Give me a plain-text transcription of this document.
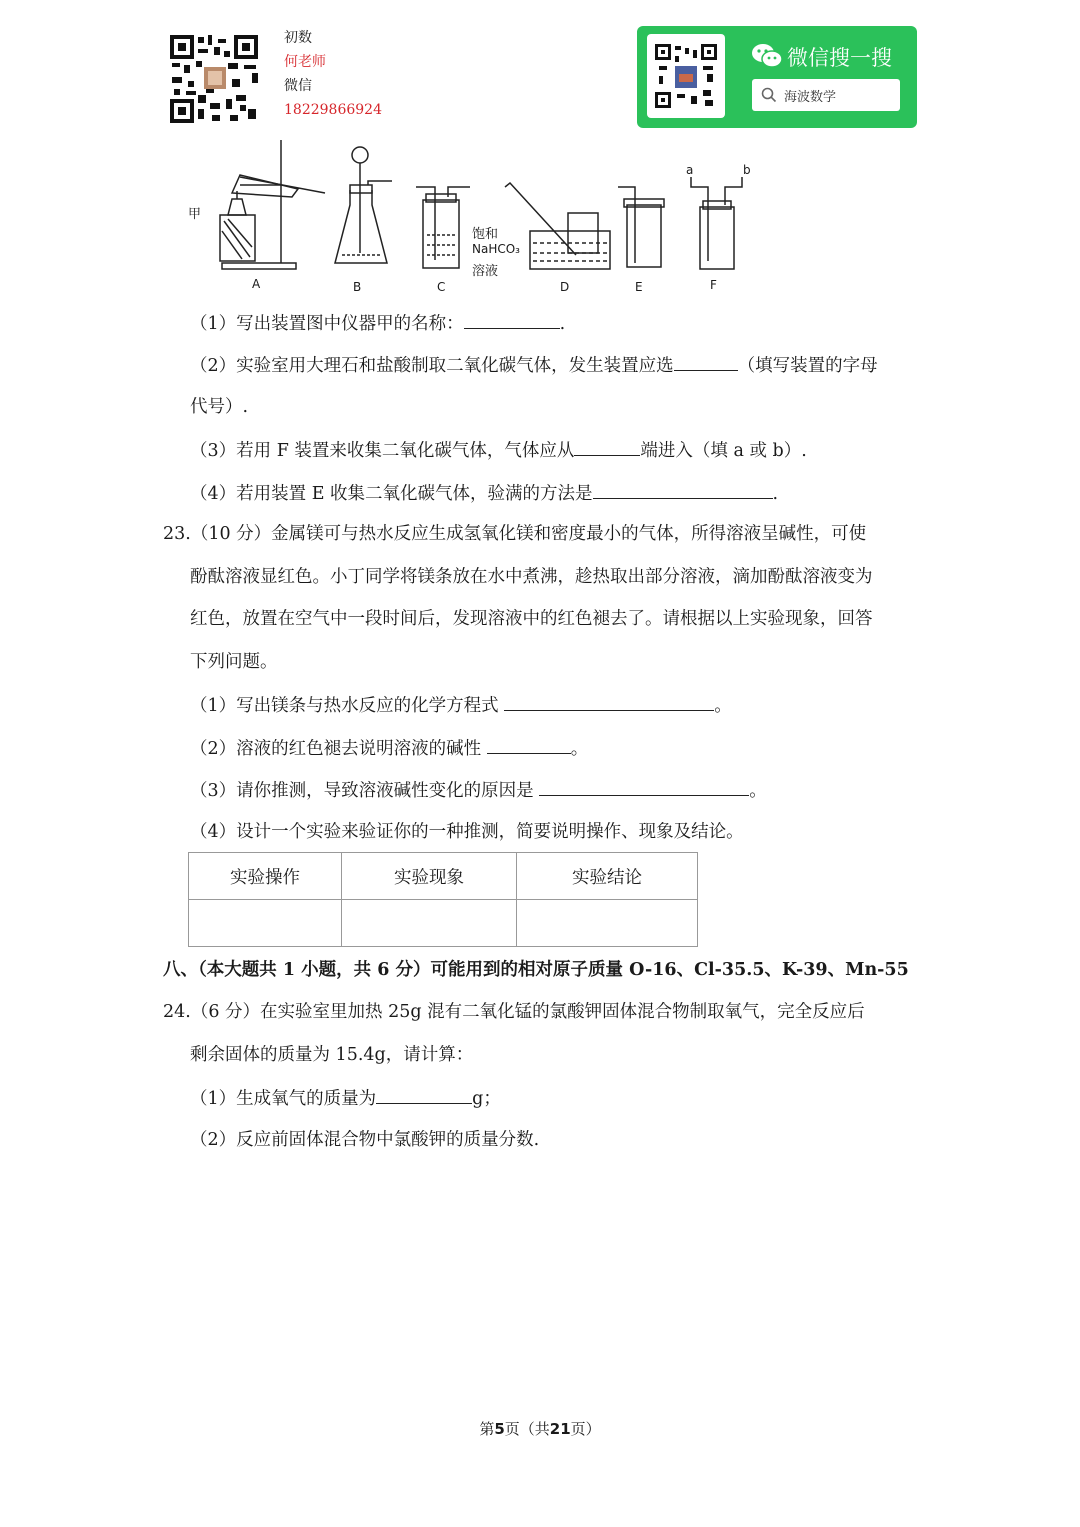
初数
何老师
微信
18229866924
微信搜一搜
海波数学
甲
A	B	C	D	E	F
a	b
饱和
NaHCO₃
溶液
（1）写出装置图中仪器甲的名称：	.
（2）实验室用大理石和盐酸制取二氧化碳气体，发生装置应选	（填写装置的字母
代号）.
（3）若用 F 装置来收集二氧化碳气体，气体应从	端进入（填 a 或 b）.
（4）若用装置 E 收集二氧化碳气体，验满的方法是	.
23.（10 分）金属镁可与热水反应生成氢氧化镁和密度最小的气体，所得溶液呈碱性，可使
酚酞溶液显红色。小丁同学将镁条放在水中煮沸，趁热取出部分溶液，滴加酚酞溶液变为
红色，放置在空气中一段时间后，发现溶液中的红色褪去了。请根据以上实验现象，回答
下列问题。
（1）写出镁条与热水反应的化学方程式	。
（2）溶液的红色褪去说明溶液的碱性	。
（3）请你推测，导致溶液碱性变化的原因是	。
（4）设计一个实验来验证你的一种推测，简要说明操作、现象及结论。
实验操作	实验现象	实验结论

八、（本大题共 1 小题，共 6 分）可能用到的相对原子质量 O-16、Cl-35.5、K-39、Mn-55
24.（6 分）在实验室里加热 25g 混有二氧化锰的氯酸钾固体混合物制取氧气，完全反应后
剩余固体的质量为 15.4g，请计算：
（1）生成氧气的质量为	g；
（2）反应前固体混合物中氯酸钾的质量分数.
第5页（共21页）
